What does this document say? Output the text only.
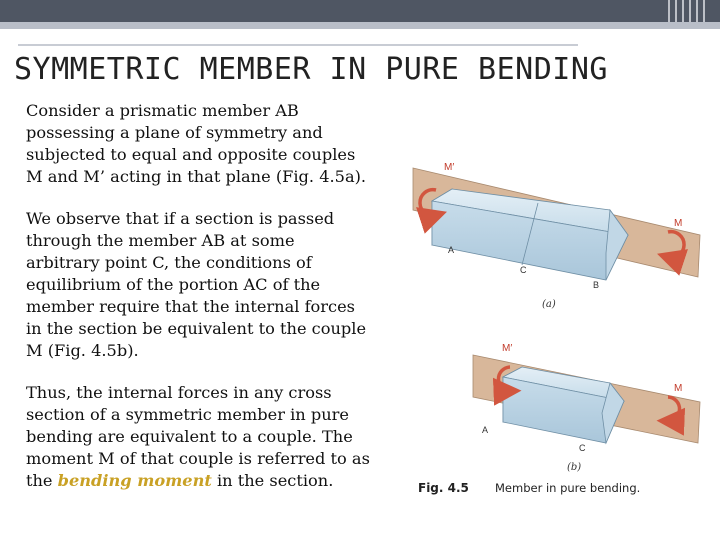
SYMMETRIC MEMBER IN PURE BENDING

Consider a prismatic member AB possessing a plane of symmetry and subjected to equal and opposite couples M and M’ acting in that plane (Fig. 4.5a).

We observe that if a section is passed through the member AB at some arbitrary point C, the conditions of equilibrium of the portion AC of the member require that the internal forces in the section be equivalent to the couple M (Fig. 4.5b).

Thus, the internal forces in any cross section of a symmetric member in pure bending are equivalent to a couple. The moment M of that couple is referred to as the bending moment in the section.

M′
M
A
C
B
(a)
M′
M
A
C
(b)
Fig. 4.5 Member in pure bending.
